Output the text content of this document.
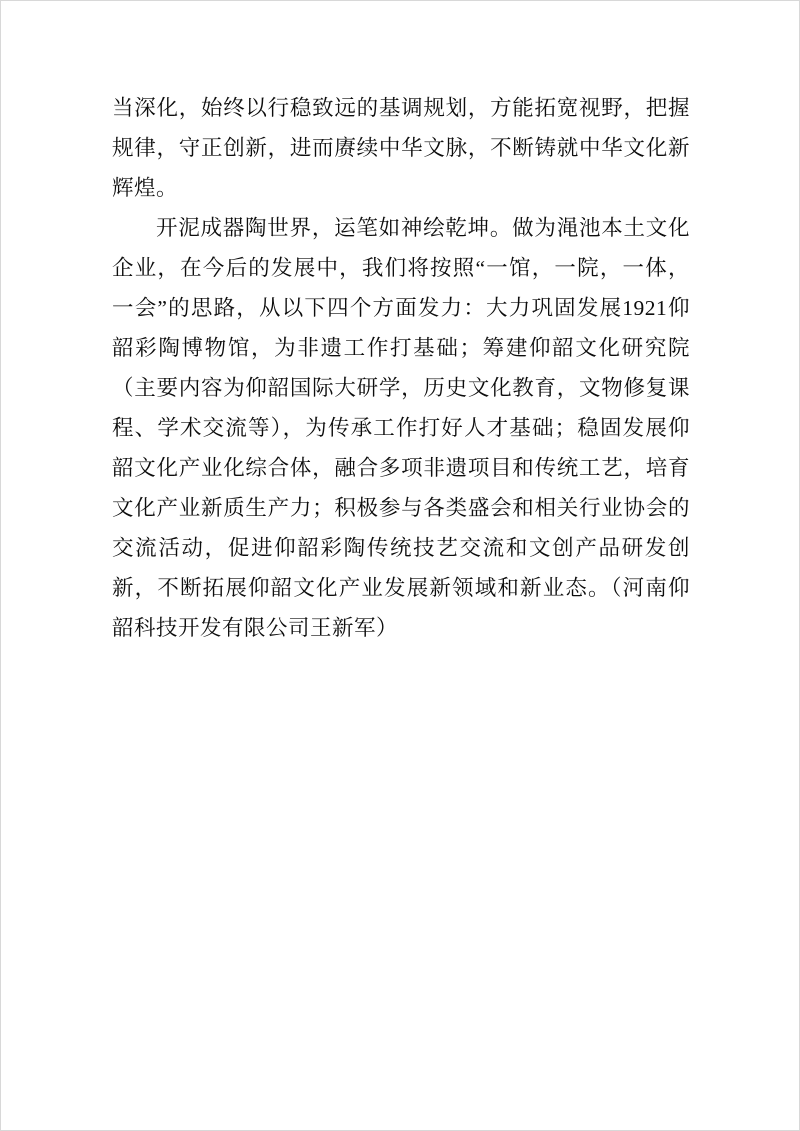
当深化，始终以行稳致远的基调规划，方能拓宽视野，把握规律，守正创新，进而赓续中华文脉，不断铸就中华文化新辉煌。

开泥成器陶世界，运笔如神绘乾坤。做为渑池本土文化企业，在今后的发展中，我们将按照“一馆，一院，一体，一会”的思路，从以下四个方面发力：大力巩固发展1921仰韶彩陶博物馆，为非遗工作打基础；筹建仰韶文化研究院（主要内容为仰韶国际大研学，历史文化教育，文物修复课程、学术交流等），为传承工作打好人才基础；稳固发展仰韶文化产业化综合体，融合多项非遗项目和传统工艺，培育文化产业新质生产力；积极参与各类盛会和相关行业协会的交流活动，促进仰韶彩陶传统技艺交流和文创产品研发创新，不断拓展仰韶文化产业发展新领域和新业态。（河南仰韶科技开发有限公司王新军）
